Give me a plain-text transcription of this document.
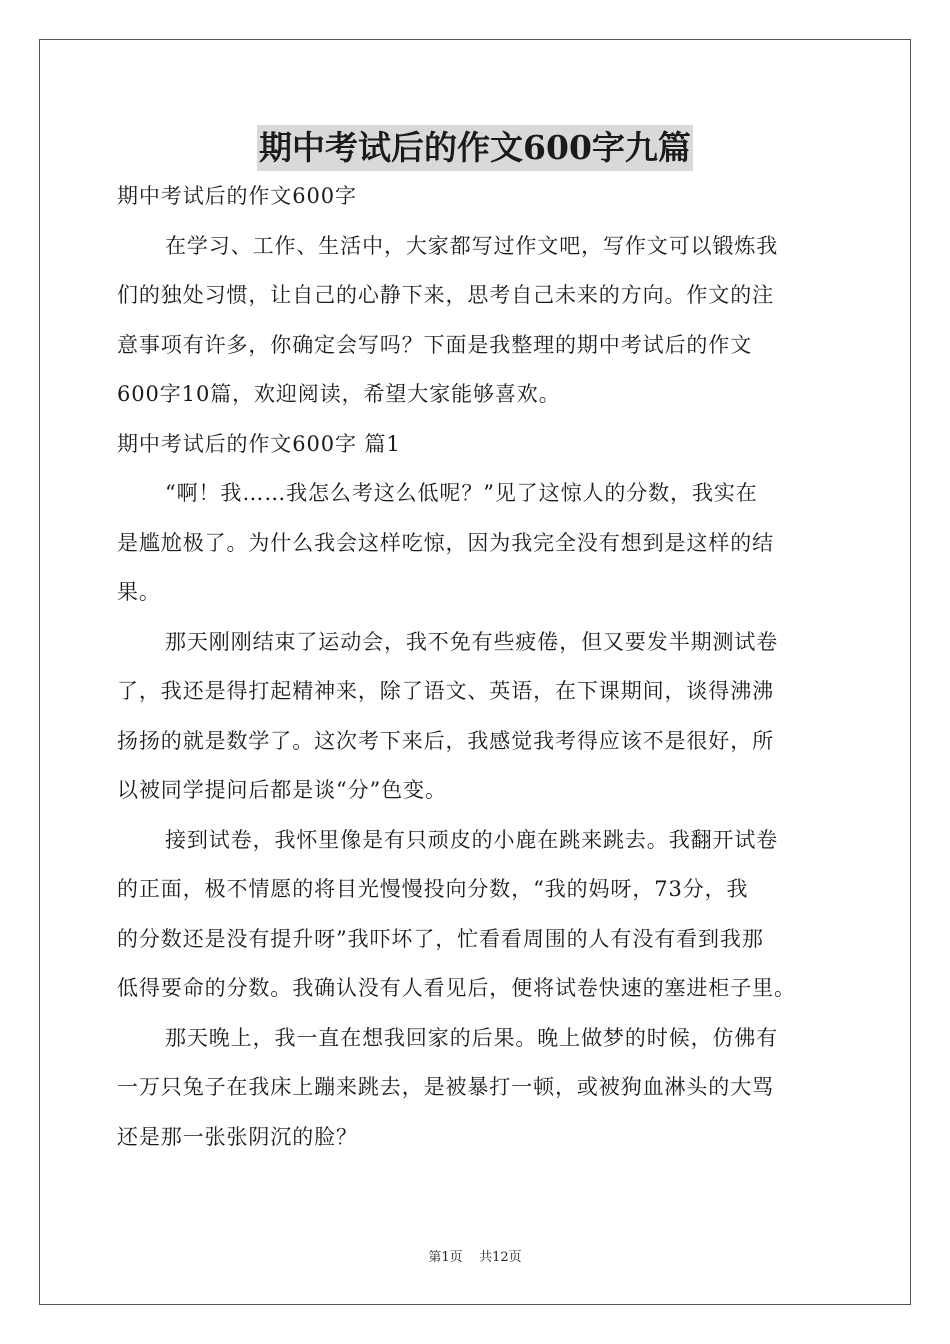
期中考试后的作文600字九篇
期中考试后的作文600字
在学习、工作、生活中，大家都写过作文吧，写作文可以锻炼我
们的独处习惯，让自己的心静下来，思考自己未来的方向。作文的注
意事项有许多，你确定会写吗？下面是我整理的期中考试后的作文
600字10篇，欢迎阅读，希望大家能够喜欢。
期中考试后的作文600字 篇1
“啊！我……我怎么考这么低呢？”见了这惊人的分数，我实在
是尴尬极了。为什么我会这样吃惊，因为我完全没有想到是这样的结
果。
那天刚刚结束了运动会，我不免有些疲倦，但又要发半期测试卷
了，我还是得打起精神来，除了语文、英语，在下课期间，谈得沸沸
扬扬的就是数学了。这次考下来后，我感觉我考得应该不是很好，所
以被同学提问后都是谈“分”色变。
接到试卷，我怀里像是有只顽皮的小鹿在跳来跳去。我翻开试卷
的正面，极不情愿的将目光慢慢投向分数，“我的妈呀，73分，我
的分数还是没有提升呀”我吓坏了，忙看看周围的人有没有看到我那
低得要命的分数。我确认没有人看见后，便将试卷快速的塞进柜子里。
那天晚上，我一直在想我回家的后果。晚上做梦的时候，仿佛有
一万只兔子在我床上蹦来跳去，是被暴打一顿，或被狗血淋头的大骂
还是那一张张阴沉的脸？
第1页    共12页
